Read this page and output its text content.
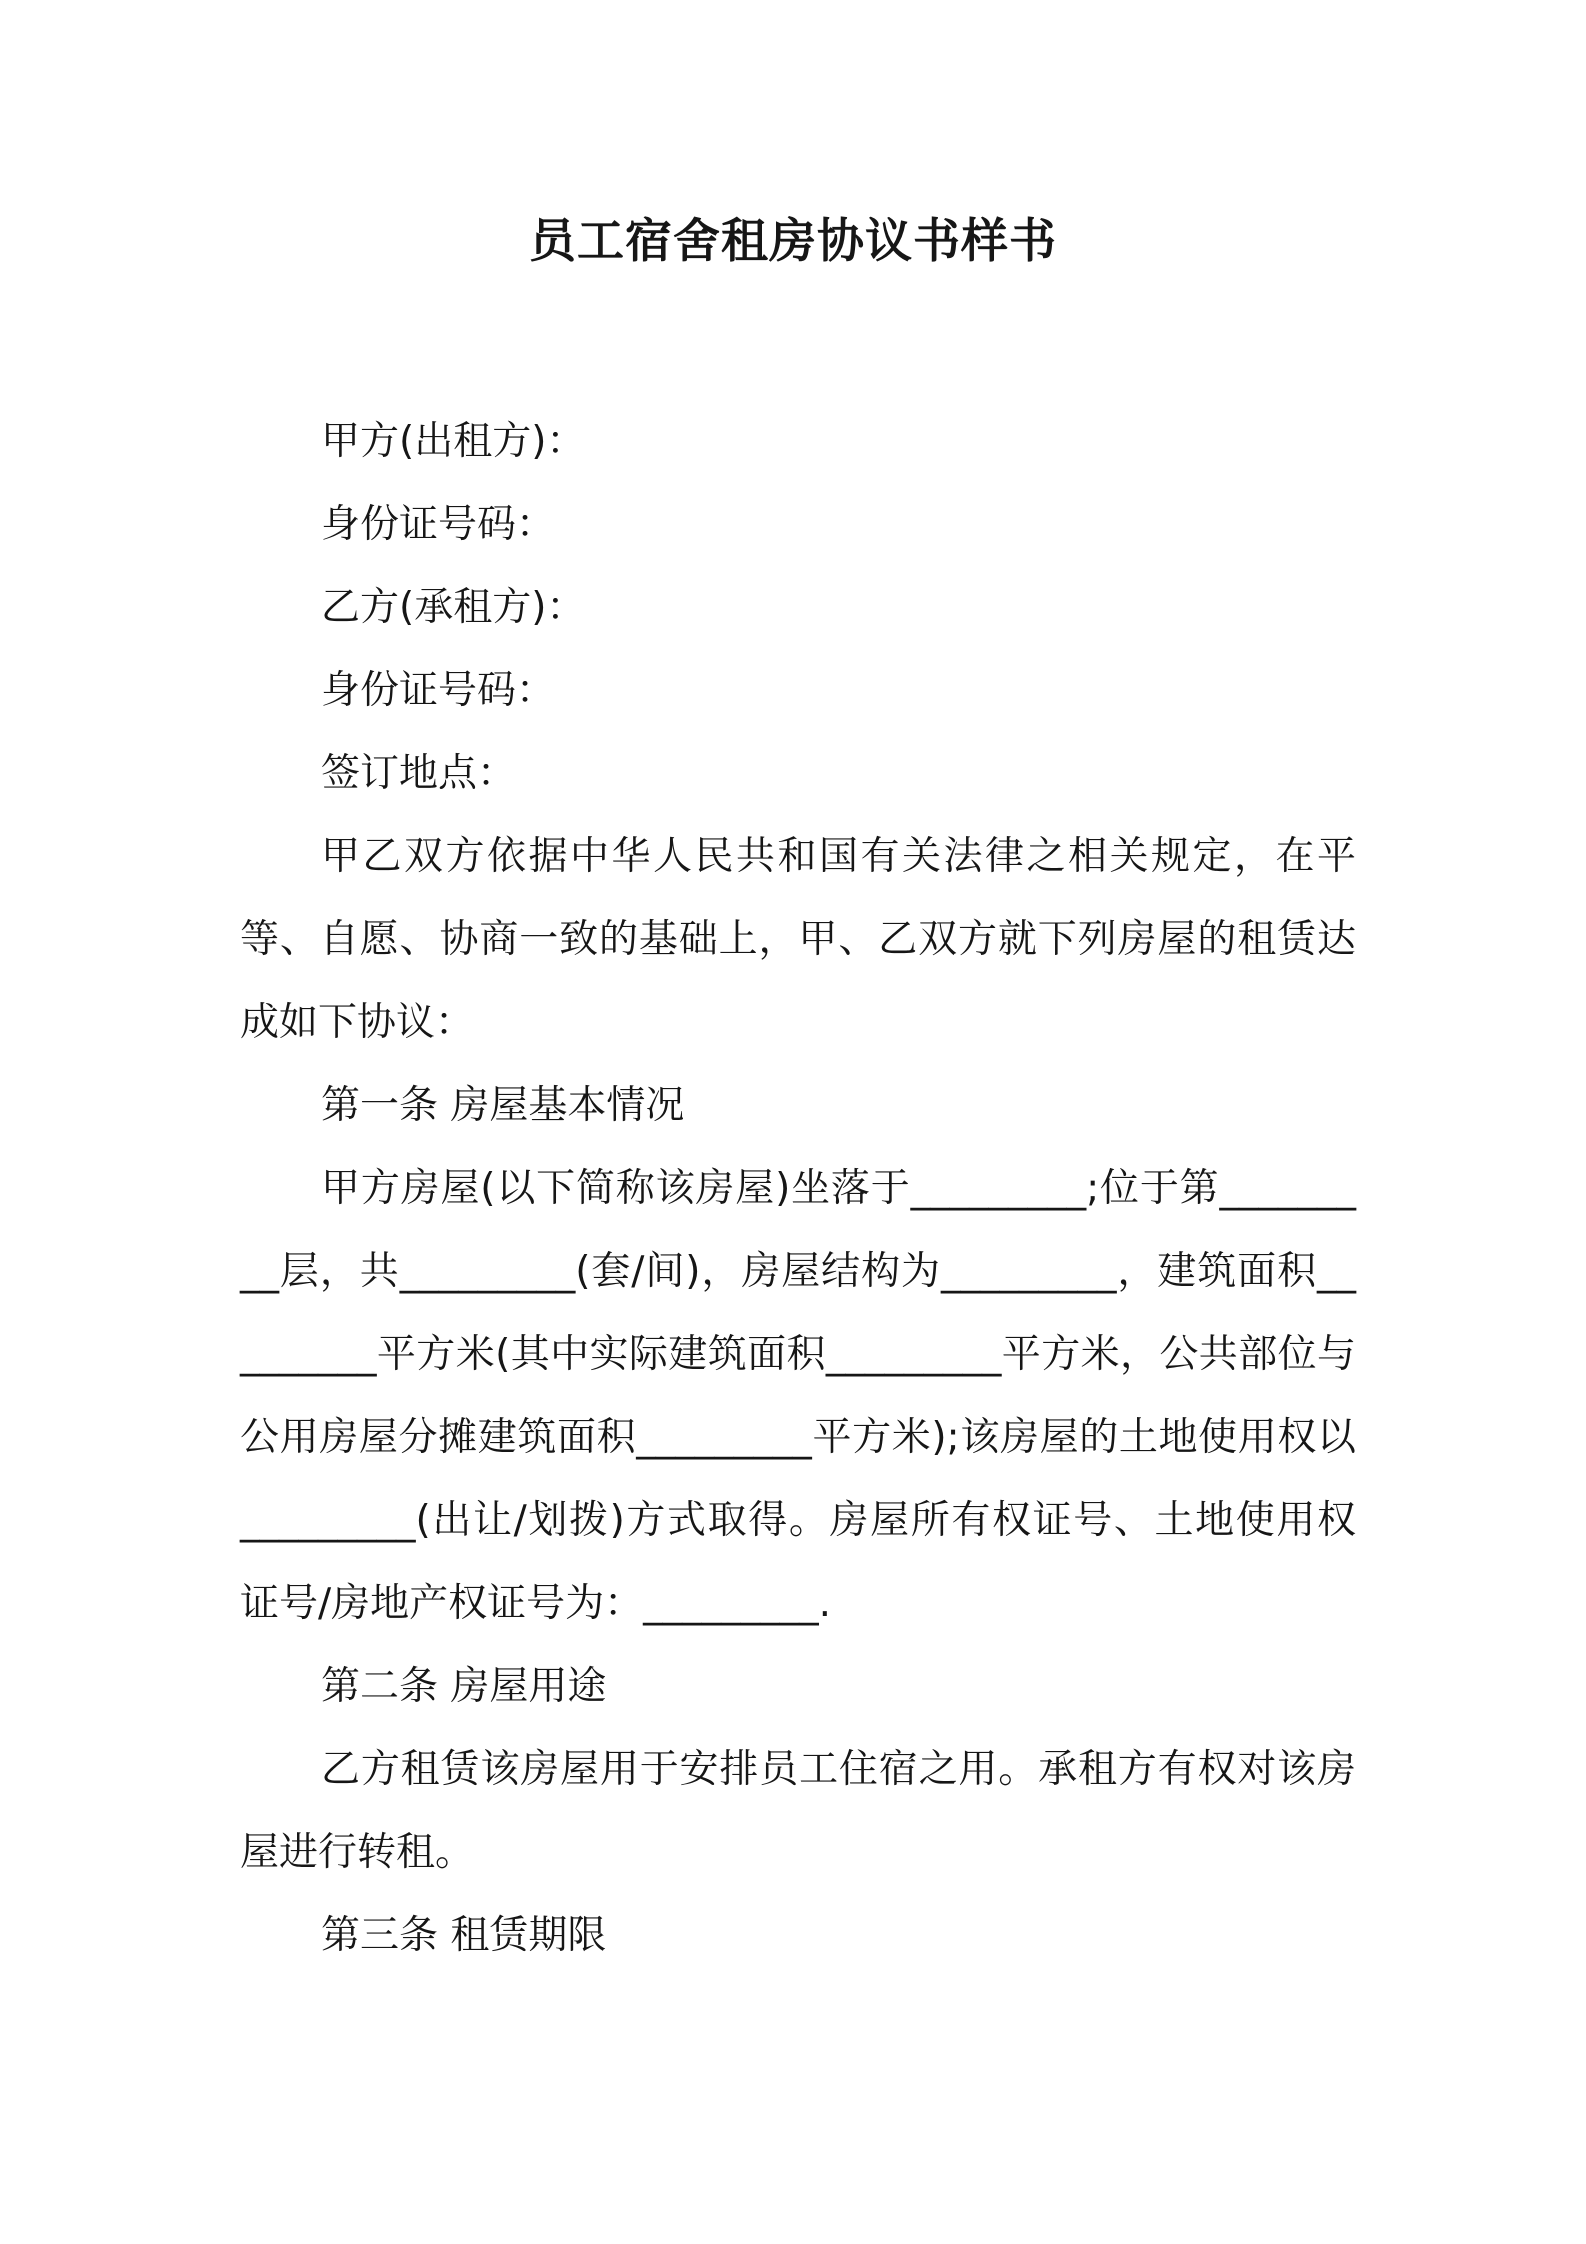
员工宿舍租房协议书样书

甲方(出租方)：

身份证号码：

乙方(承租方)：

身份证号码：

签订地点：

甲乙双方依据中华人民共和国有关法律之相关规定，在平等、自愿、协商一致的基础上，甲、乙双方就下列房屋的租赁达成如下协议：

第一条 房屋基本情况

甲方房屋(以下简称该房屋)坐落于_________;位于第_________层，共_________(套/间)，房屋结构为_________，建筑面积_________平方米(其中实际建筑面积_________平方米，公共部位与公用房屋分摊建筑面积_________平方米);该房屋的土地使用权以_________(出让/划拨)方式取得。房屋所有权证号、土地使用权证号/房地产权证号为：_________.

第二条 房屋用途

乙方租赁该房屋用于安排员工住宿之用。承租方有权对该房屋进行转租。

第三条 租赁期限
